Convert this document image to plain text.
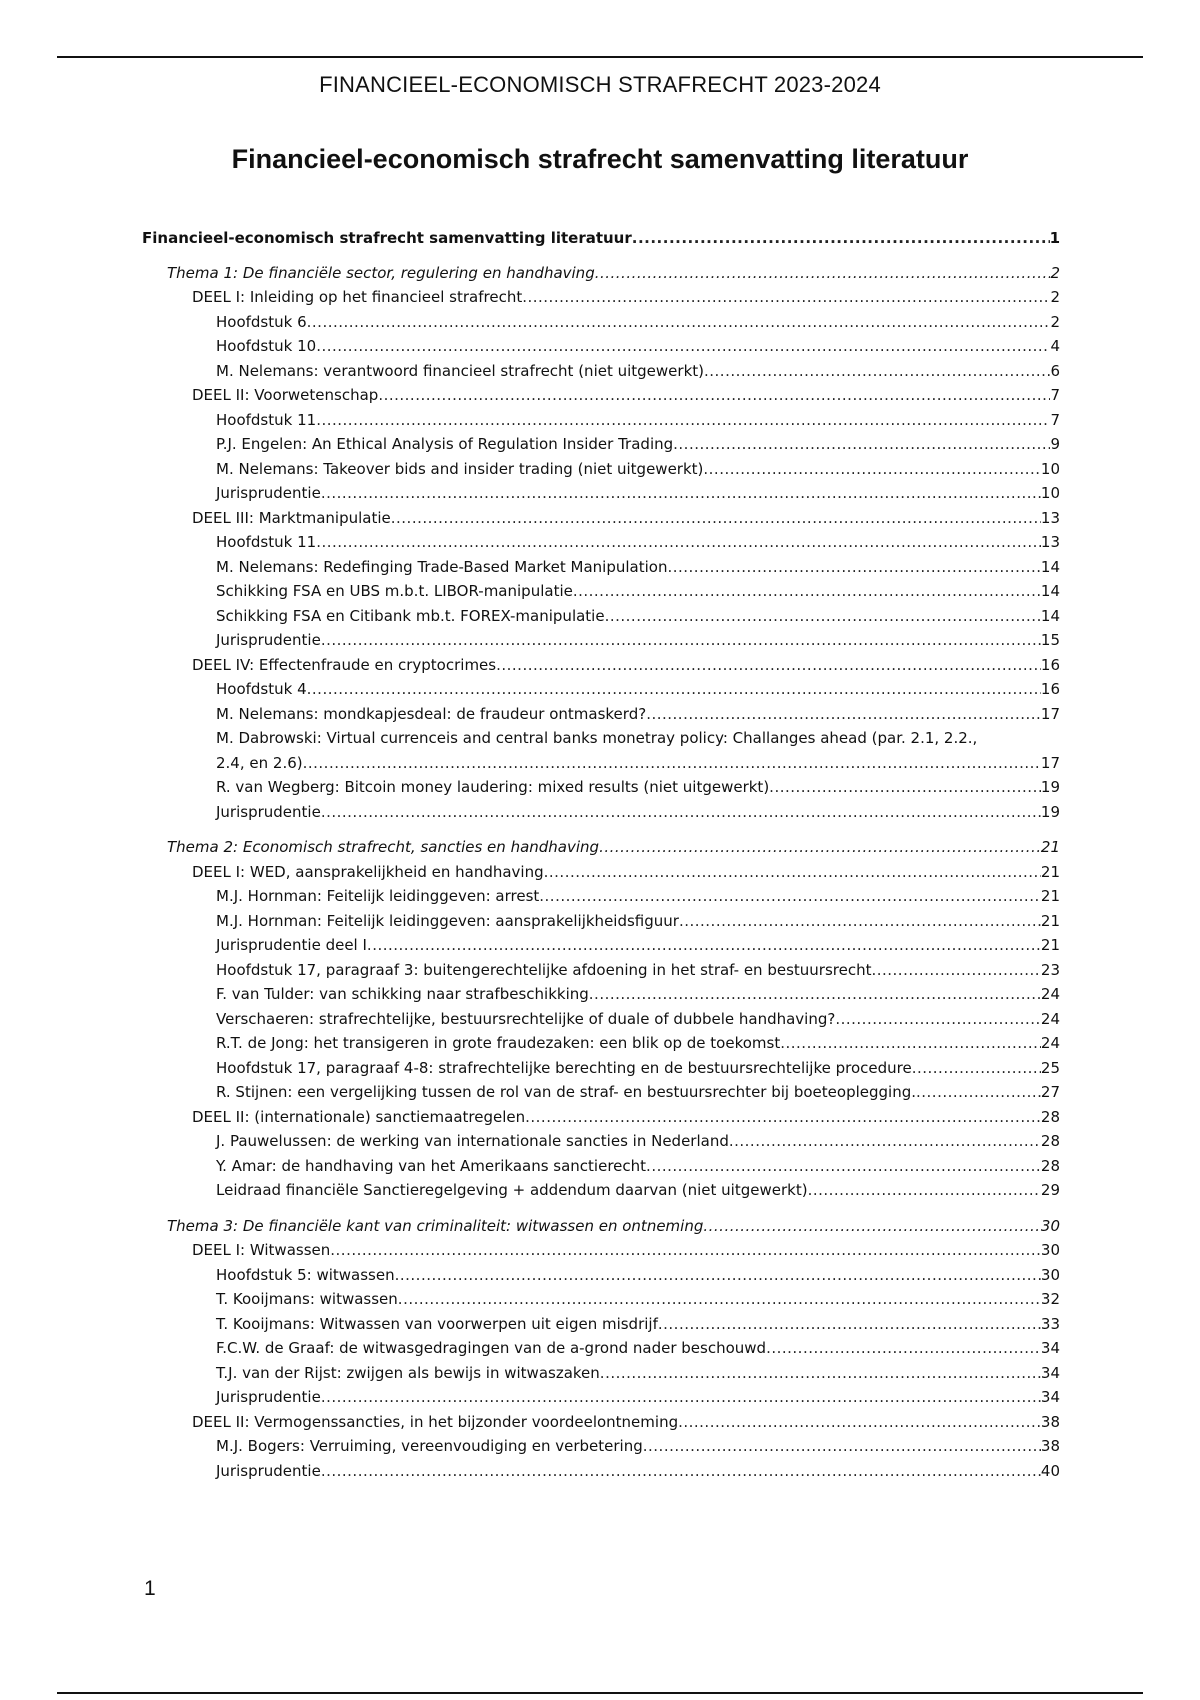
FINANCIEEL-ECONOMISCH STRAFRECHT 2023-2024
Financieel-economisch strafrecht samenvatting literatuur
Financieel-economisch strafrecht samenvatting literatuur .....	1
Thema 1: De financiële sector, regulering en handhaving .....	2
DEEL I: Inleiding op het financieel strafrecht .....	2
Hoofdstuk 6 .....	2
Hoofdstuk 10 .....	4
M. Nelemans: verantwoord financieel strafrecht (niet uitgewerkt) .....	6
DEEL II: Voorwetenschap .....	7
Hoofdstuk 11 .....	7
P.J. Engelen: An Ethical Analysis of Regulation Insider Trading .....	9
M. Nelemans: Takeover bids and insider trading (niet uitgewerkt) .....	10
Jurisprudentie .....	10
DEEL III: Marktmanipulatie .....	13
Hoofdstuk 11 .....	13
M. Nelemans: Redefinging Trade-Based Market Manipulation .....	14
Schikking FSA en UBS m.b.t. LIBOR-manipulatie .....	14
Schikking FSA en Citibank mb.t. FOREX-manipulatie .....	14
Jurisprudentie .....	15
DEEL IV: Effectenfraude en cryptocrimes .....	16
Hoofdstuk 4 .....	16
M. Nelemans: mondkapjesdeal: de fraudeur ontmaskerd? .....	17
M. Dabrowski: Virtual currenceis and central banks monetray policy: Challanges ahead (par. 2.1, 2.2.,
2.4, en 2.6) .....	17
R. van Wegberg: Bitcoin money laudering: mixed results (niet uitgewerkt) .....	19
Jurisprudentie .....	19
Thema 2: Economisch strafrecht, sancties en handhaving .....	21
DEEL I: WED, aansprakelijkheid en handhaving .....	21
M.J. Hornman: Feitelijk leidinggeven: arrest .....	21
M.J. Hornman: Feitelijk leidinggeven: aansprakelijkheidsfiguur .....	21
Jurisprudentie deel I .....	21
Hoofdstuk 17, paragraaf 3: buitengerechtelijke afdoening in het straf- en bestuursrecht .....	23
F. van Tulder: van schikking naar strafbeschikking .....	24
Verschaeren: strafrechtelijke, bestuursrechtelijke of duale of dubbele handhaving? .....	24
R.T. de Jong: het transigeren in grote fraudezaken: een blik op de toekomst .....	24
Hoofdstuk 17, paragraaf 4-8: strafrechtelijke berechting en de bestuursrechtelijke procedure .....	25
R. Stijnen: een vergelijking tussen de rol van de straf- en bestuursrechter bij boeteoplegging. .....	27
DEEL II: (internationale) sanctiemaatregelen .....	28
J. Pauwelussen: de werking van internationale sancties in Nederland .....	28
Y. Amar: de handhaving van het Amerikaans sanctierecht .....	28
Leidraad financiële Sanctieregelgeving + addendum daarvan (niet uitgewerkt) .....	29
Thema 3: De financiële kant van criminaliteit: witwassen en ontneming .....	30
DEEL I: Witwassen .....	30
Hoofdstuk 5: witwassen .....	30
T. Kooijmans: witwassen .....	32
T. Kooijmans: Witwassen van voorwerpen uit eigen misdrijf .....	33
F.C.W. de Graaf: de witwasgedragingen van de a-grond nader beschouwd .....	34
T.J. van der Rijst: zwijgen als bewijs in witwaszaken .....	34
Jurisprudentie .....	34
DEEL II: Vermogenssancties, in het bijzonder voordeelontneming .....	38
M.J. Bogers: Verruiming, vereenvoudiging en verbetering .....	38
Jurisprudentie .....	40
1
